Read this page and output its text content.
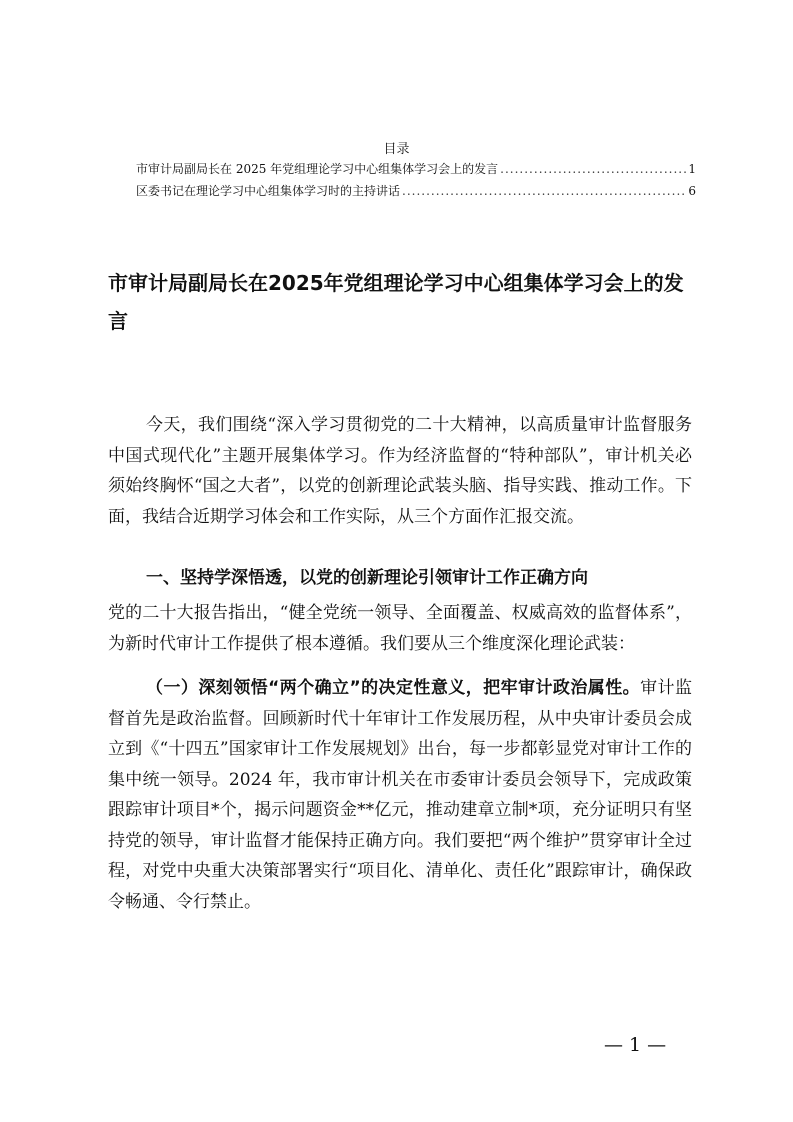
目录
市审计局副局长在 2025 年党组理论学习中心组集体学习会上的发言 .....	1
区委书记在理论学习中心组集体学习时的主持讲话 .....	6
市审计局副局长在2025年党组理论学习中心组集体学习会上的发言
今天，我们围绕“深入学习贯彻党的二十大精神，以高质量审计监督服务中国式现代化”主题开展集体学习。作为经济监督的“特种部队”，审计机关必须始终胸怀“国之大者”，以党的创新理论武装头脑、指导实践、推动工作。下面，我结合近期学习体会和工作实际，从三个方面作汇报交流。
一、坚持学深悟透，以党的创新理论引领审计工作正确方向
党的二十大报告指出，“健全党统一领导、全面覆盖、权威高效的监督体系”，为新时代审计工作提供了根本遵循。我们要从三个维度深化理论武装：
（一）深刻领悟“两个确立”的决定性意义，把牢审计政治属性。审计监督首先是政治监督。回顾新时代十年审计工作发展历程，从中央审计委员会成立到《“十四五”国家审计工作发展规划》出台，每一步都彰显党对审计工作的集中统一领导。2024 年，我市审计机关在市委审计委员会领导下，完成政策跟踪审计项目*个，揭示问题资金**亿元，推动建章立制*项，充分证明只有坚持党的领导，审计监督才能保持正确方向。我们要把“两个维护”贯穿审计全过程，对党中央重大决策部署实行“项目化、清单化、责任化”跟踪审计，确保政令畅通、令行禁止。
— 1 —
